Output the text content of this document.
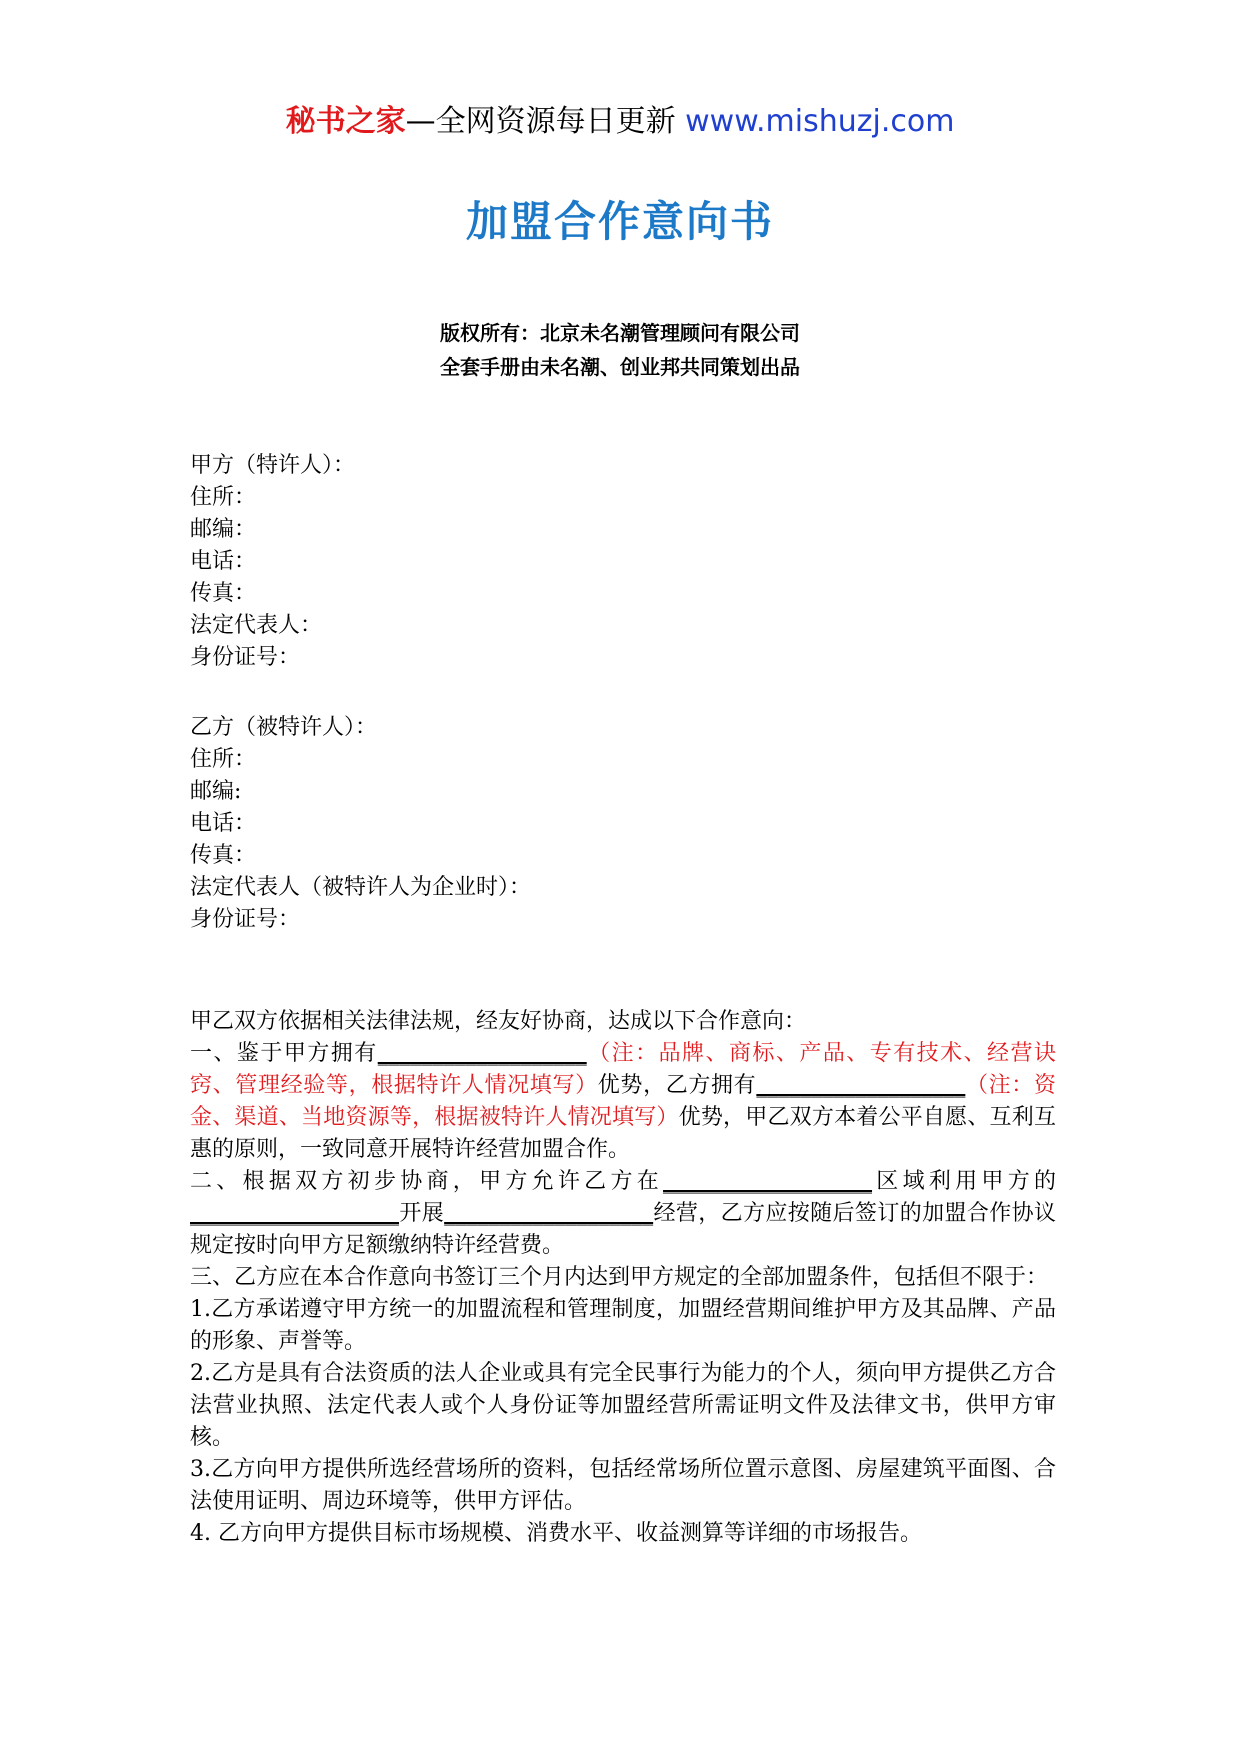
秘书之家—全网资源每日更新 www.mishuzj.com
加盟合作意向书
版权所有：北京未名潮管理顾问有限公司
全套手册由未名潮、创业邦共同策划出品
甲方（特许人）：
住所：
邮编：
电话：
传真：
法定代表人：
身份证号：
乙方（被特许人）：
住所：
邮编:
电话：
传真：
法定代表人（被特许人为企业时）：
身份证号：
甲乙双方依据相关法律法规，经友好协商，达成以下合作意向：
一、鉴于甲方拥有___________________（注：品牌、商标、产品、专有技术、经营诀窍、管理经验等，根据特许人情况填写）优势，乙方拥有___________________（注：资金、渠道、当地资源等，根据被特许人情况填写）优势，甲乙双方本着公平自愿、互利互惠的原则，一致同意开展特许经营加盟合作。
二、根据双方初步协商，甲方允许乙方在___________________区域利用甲方的___________________开展___________________经营，乙方应按随后签订的加盟合作协议规定按时向甲方足额缴纳特许经营费。
三、乙方应在本合作意向书签订三个月内达到甲方规定的全部加盟条件，包括但不限于：
1.乙方承诺遵守甲方统一的加盟流程和管理制度，加盟经营期间维护甲方及其品牌、产品的形象、声誉等。
2.乙方是具有合法资质的法人企业或具有完全民事行为能力的个人，须向甲方提供乙方合法营业执照、法定代表人或个人身份证等加盟经营所需证明文件及法律文书，供甲方审核。
3.乙方向甲方提供所选经营场所的资料，包括经常场所位置示意图、房屋建筑平面图、合法使用证明、周边环境等，供甲方评估。
4. 乙方向甲方提供目标市场规模、消费水平、收益测算等详细的市场报告。
